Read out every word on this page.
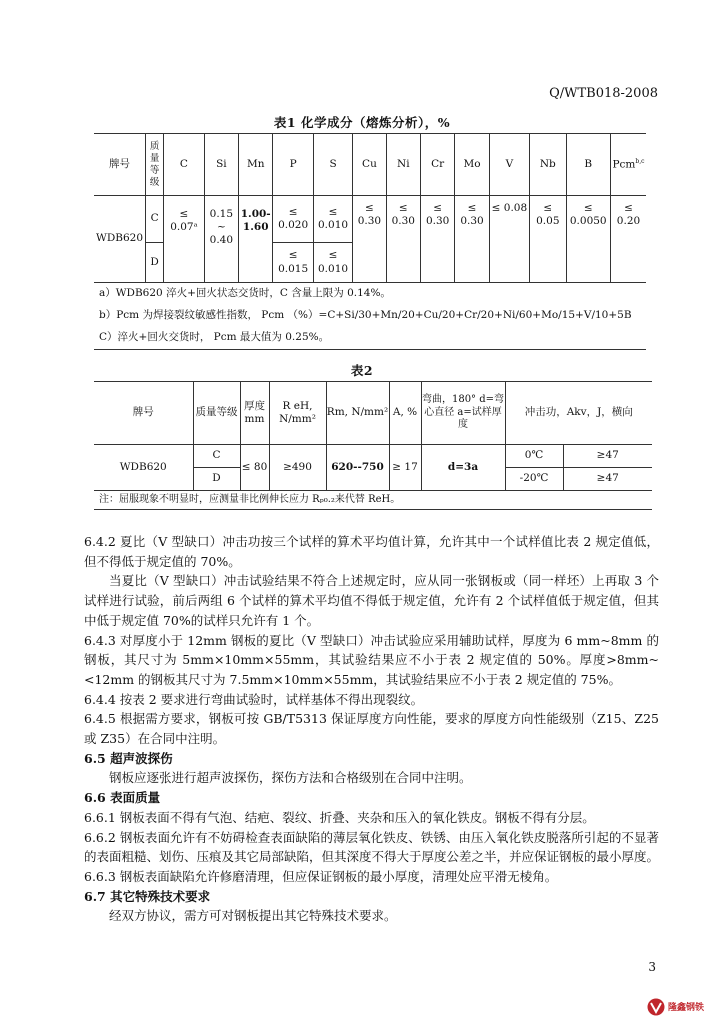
Q/WTB018-2008
表1 化学成分（熔炼分析），%
牌号	质量等级	C	Si	Mn	P	S	Cu	Ni	Cr	Mo	V	Nb	B	Pcm$^{b,c}$
WDB620	C	≤ 0.07ᵃ	0.15 ~ 0.40	1.00- 1.60	≤ 0.020	≤ 0.010	≤ 0.30	≤ 0.30	≤ 0.30	≤ 0.30	≤ 0.08	≤ 0.05	≤ 0.0050	≤ 0.20
	D				≤ 0.015	≤ 0.010								
a）WDB620 淬火+回火状态交货时，C 含量上限为 0.14%。														
b）Pcm 为焊接裂纹敏感性指数， Pcm （%）=C+Si/30+Mn/20+Cu/20+Cr/20+Ni/60+Mo/15+V/10+5B														
C）淬火+回火交货时， Pcm 最大值为 0.25%。														
表2
牌号	质量等级	厚度mm	R eH, N/mm²	Rm, N/mm²	A, %	弯曲，180° d=弯心直径 a=试样厚度	冲击功，Akv，J，横向	
WDB620	C	≤ 80	≥490	620--750	≥ 17	d=3a	0℃	≥47
	D						-20℃	≥47
注：屈服现象不明显时，应测量非比例伸长应力 Rₚ₀.₂来代替 ReH。								
6.4.2 夏比（V 型缺口）冲击功按三个试样的算术平均值计算，允许其中一个试样值比表 2 规定值低，但不得低于规定值的 70%。
当夏比（V 型缺口）冲击试验结果不符合上述规定时，应从同一张钢板或（同一样坯）上再取 3 个试样进行试验，前后两组 6 个试样的算术平均值不得低于规定值，允许有 2 个试样值低于规定值，但其中低于规定值 70%的试样只允许有 1 个。
6.4.3 对厚度小于 12mm 钢板的夏比（V 型缺口）冲击试验应采用辅助试样，厚度为 6 mm~8mm 的钢板，其尺寸为 5mm×10mm×55mm，其试验结果应不小于表 2 规定值的 50%。厚度>8mm~<12mm 的钢板其尺寸为 7.5mm×10mm×55mm，其试验结果应不小于表 2 规定值的 75%。
6.4.4 按表 2 要求进行弯曲试验时，试样基体不得出现裂纹。
6.4.5 根据需方要求，钢板可按 GB/T5313 保证厚度方向性能，要求的厚度方向性能级别（Z15、Z25 或 Z35）在合同中注明。
6.5 超声波探伤
钢板应逐张进行超声波探伤，探伤方法和合格级别在合同中注明。
6.6 表面质量
6.6.1 钢板表面不得有气泡、结疤、裂纹、折叠、夹杂和压入的氧化铁皮。钢板不得有分层。
6.6.2 钢板表面允许有不妨碍检查表面缺陷的薄层氧化铁皮、铁锈、由压入氧化铁皮脱落所引起的不显著的表面粗糙、划伤、压痕及其它局部缺陷，但其深度不得大于厚度公差之半，并应保证钢板的最小厚度。
6.6.3 钢板表面缺陷允许修磨清理，但应保证钢板的最小厚度，清理处应平滑无棱角。
6.7 其它特殊技术要求
经双方协议，需方可对钢板提出其它特殊技术要求。
3
隆鑫钢铁
